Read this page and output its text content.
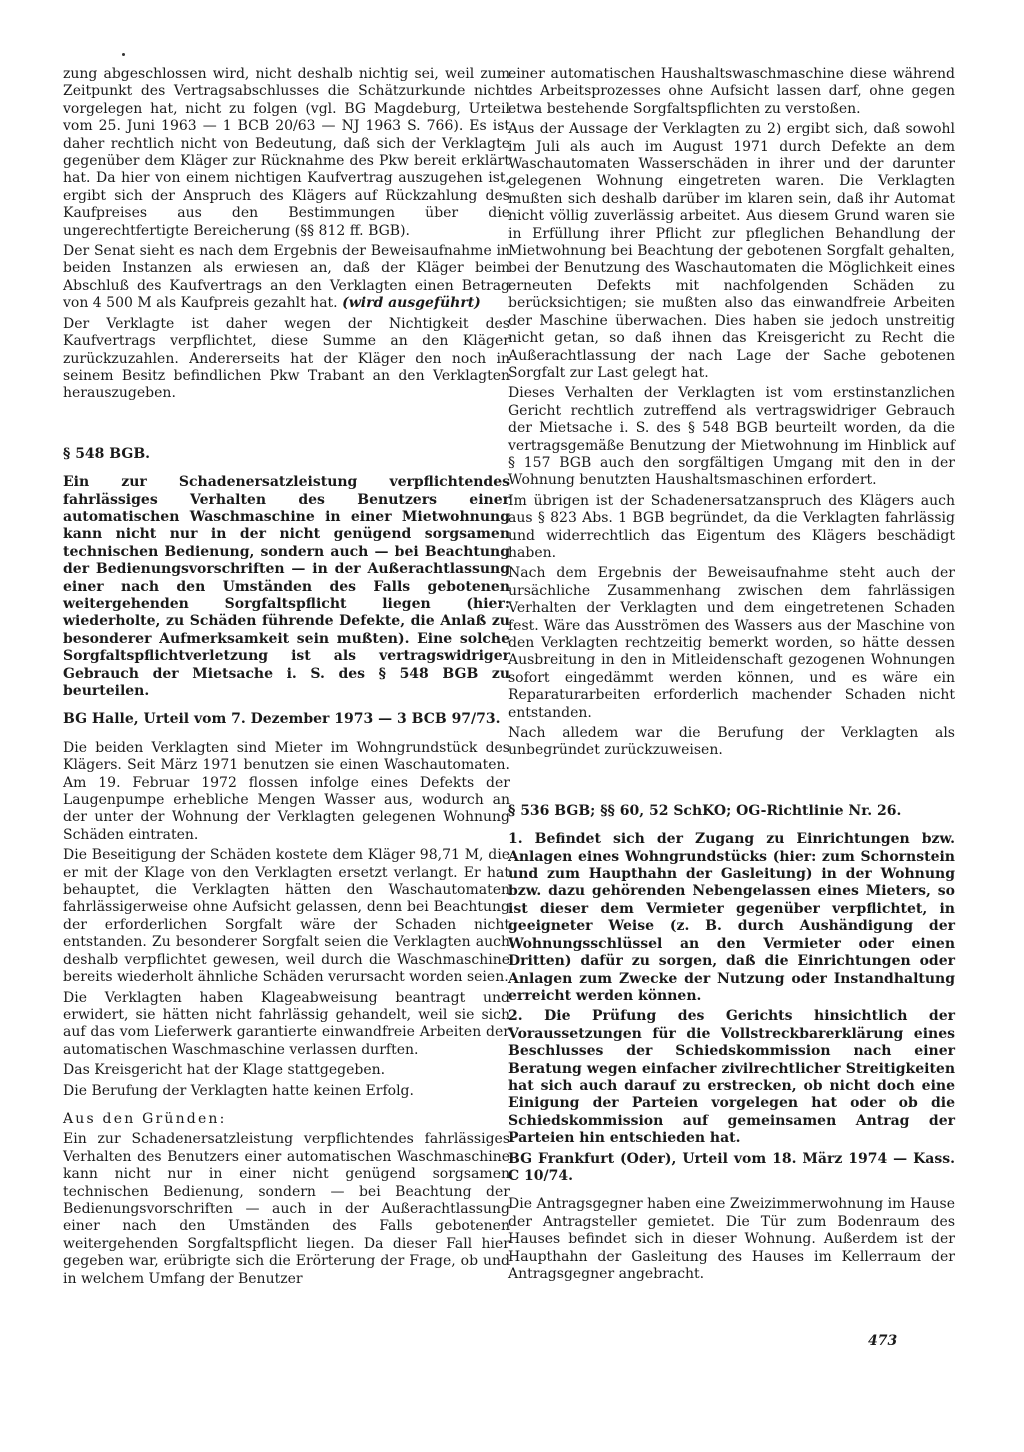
zung abgeschlossen wird, nicht deshalb nichtig sei, weil zum Zeitpunkt des Vertragsabschlusses die Schätzurkunde nicht vorgelegen hat, nicht zu folgen (vgl. BG Magdeburg, Urteil vom 25. Juni 1963 — 1 BCB 20/63 — NJ 1963 S. 766). Es ist daher rechtlich nicht von Bedeutung, daß sich der Verklagte gegenüber dem Kläger zur Rücknahme des Pkw bereit erklärt hat. Da hier von einem nichtigen Kaufvertrag auszugehen ist, ergibt sich der Anspruch des Klägers auf Rückzahlung des Kaufpreises aus den Bestimmungen über die ungerechtfertigte Bereicherung (§§ 812 ff. BGB).

Der Senat sieht es nach dem Ergebnis der Beweisaufnahme in beiden Instanzen als erwiesen an, daß der Kläger beim Abschluß des Kaufvertrags an den Verklagten einen Betrag von 4 500 M als Kaufpreis gezahlt hat. (wird ausgeführt)

Der Verklagte ist daher wegen der Nichtigkeit des Kaufvertrags verpflichtet, diese Summe an den Kläger zurückzuzahlen. Andererseits hat der Kläger den noch in seinem Besitz befindlichen Pkw Trabant an den Verklagten herauszugeben.

§ 548 BGB.

Ein zur Schadenersatzleistung verpflichtendes fahrlässiges Verhalten des Benutzers einer automatischen Waschmaschine in einer Mietwohnung kann nicht nur in der nicht genügend sorgsamen technischen Bedienung, sondern auch — bei Beachtung der Bedienungsvorschriften — in der Außerachtlassung einer nach den Umständen des Falls gebotenen weitergehenden Sorgfaltspflicht liegen (hier: wiederholte, zu Schäden führende Defekte, die Anlaß zu besonderer Aufmerksamkeit sein mußten). Eine solche Sorgfaltspflichtverletzung ist als vertragswidriger Gebrauch der Mietsache i. S. des § 548 BGB zu beurteilen.

BG Halle, Urteil vom 7. Dezember 1973 — 3 BCB 97/73.

Die beiden Verklagten sind Mieter im Wohngrundstück des Klägers. Seit März 1971 benutzen sie einen Waschautomaten. Am 19. Februar 1972 flossen infolge eines Defekts der Laugenpumpe erhebliche Mengen Wasser aus, wodurch an der unter der Wohnung der Verklagten gelegenen Wohnung Schäden eintraten.

Die Beseitigung der Schäden kostete dem Kläger 98,71 M, die er mit der Klage von den Verklagten ersetzt verlangt. Er hat behauptet, die Verklagten hätten den Waschautomaten fahrlässigerweise ohne Aufsicht gelassen, denn bei Beachtung der erforderlichen Sorgfalt wäre der Schaden nicht entstanden. Zu besonderer Sorgfalt seien die Verklagten auch deshalb verpflichtet gewesen, weil durch die Waschmaschine bereits wiederholt ähnliche Schäden verursacht worden seien.

Die Verklagten haben Klageabweisung beantragt und erwidert, sie hätten nicht fahrlässig gehandelt, weil sie sich auf das vom Lieferwerk garantierte einwandfreie Arbeiten der automatischen Waschmaschine verlassen durften.

Das Kreisgericht hat der Klage stattgegeben.

Die Berufung der Verklagten hatte keinen Erfolg.

Aus den Gründen:

Ein zur Schadenersatzleistung verpflichtendes fahrlässiges Verhalten des Benutzers einer automatischen Waschmaschine kann nicht nur in einer nicht genügend sorgsamen technischen Bedienung, sondern — bei Beachtung der Bedienungsvorschriften — auch in der Außerachtlassung einer nach den Umständen des Falls gebotenen weitergehenden Sorgfaltspflicht liegen. Da dieser Fall hier gegeben war, erübrigte sich die Erörterung der Frage, ob und in welchem Umfang der Benutzer

einer automatischen Haushaltswaschmaschine diese während des Arbeitsprozesses ohne Aufsicht lassen darf, ohne gegen etwa bestehende Sorgfaltspflichten zu verstoßen.

Aus der Aussage der Verklagten zu 2) ergibt sich, daß sowohl im Juli als auch im August 1971 durch Defekte an dem Waschautomaten Wasserschäden in ihrer und der darunter gelegenen Wohnung eingetreten waren. Die Verklagten mußten sich deshalb darüber im klaren sein, daß ihr Automat nicht völlig zuverlässig arbeitet. Aus diesem Grund waren sie in Erfüllung ihrer Pflicht zur pfleglichen Behandlung der Mietwohnung bei Beachtung der gebotenen Sorgfalt gehalten, bei der Benutzung des Waschautomaten die Möglichkeit eines erneuten Defekts mit nachfolgenden Schäden zu berücksichtigen; sie mußten also das einwandfreie Arbeiten der Maschine überwachen. Dies haben sie jedoch unstreitig nicht getan, so daß ihnen das Kreisgericht zu Recht die Außerachtlassung der nach Lage der Sache gebotenen Sorgfalt zur Last gelegt hat.

Dieses Verhalten der Verklagten ist vom erstinstanzlichen Gericht rechtlich zutreffend als vertragswidriger Gebrauch der Mietsache i. S. des § 548 BGB beurteilt worden, da die vertragsgemäße Benutzung der Mietwohnung im Hinblick auf § 157 BGB auch den sorgfältigen Umgang mit den in der Wohnung benutzten Haushaltsmaschinen erfordert.

Im übrigen ist der Schadenersatzanspruch des Klägers auch aus § 823 Abs. 1 BGB begründet, da die Verklagten fahrlässig und widerrechtlich das Eigentum des Klägers beschädigt haben.

Nach dem Ergebnis der Beweisaufnahme steht auch der ursächliche Zusammenhang zwischen dem fahrlässigen Verhalten der Verklagten und dem eingetretenen Schaden fest. Wäre das Ausströmen des Wassers aus der Maschine von den Verklagten rechtzeitig bemerkt worden, so hätte dessen Ausbreitung in den in Mitleidenschaft gezogenen Wohnungen sofort eingedämmt werden können, und es wäre ein Reparaturarbeiten erforderlich machender Schaden nicht entstanden.

Nach alledem war die Berufung der Verklagten als unbegründet zurückzuweisen.

§ 536 BGB; §§ 60, 52 SchKO; OG-Richtlinie Nr. 26.

1. Befindet sich der Zugang zu Einrichtungen bzw. Anlagen eines Wohngrundstücks (hier: zum Schornstein und zum Haupthahn der Gasleitung) in der Wohnung bzw. dazu gehörenden Nebengelassen eines Mieters, so ist dieser dem Vermieter gegenüber verpflichtet, in geeigneter Weise (z. B. durch Aushändigung der Wohnungsschlüssel an den Vermieter oder einen Dritten) dafür zu sorgen, daß die Einrichtungen oder Anlagen zum Zwecke der Nutzung oder Instandhaltung erreicht werden können.

2. Die Prüfung des Gerichts hinsichtlich der Voraussetzungen für die Vollstreckbarerklärung eines Beschlusses der Schiedskommission nach einer Beratung wegen einfacher zivilrechtlicher Streitigkeiten hat sich auch darauf zu erstrecken, ob nicht doch eine Einigung der Parteien vorgelegen hat oder ob die Schiedskommission auf gemeinsamen Antrag der Parteien hin entschieden hat.

BG Frankfurt (Oder), Urteil vom 18. März 1974 — Kass. C 10/74.

Die Antragsgegner haben eine Zweizimmerwohnung im Hause der Antragsteller gemietet. Die Tür zum Bodenraum des Hauses befindet sich in dieser Wohnung. Außerdem ist der Haupthahn der Gasleitung des Hauses im Kellerraum der Antragsgegner angebracht.

473
